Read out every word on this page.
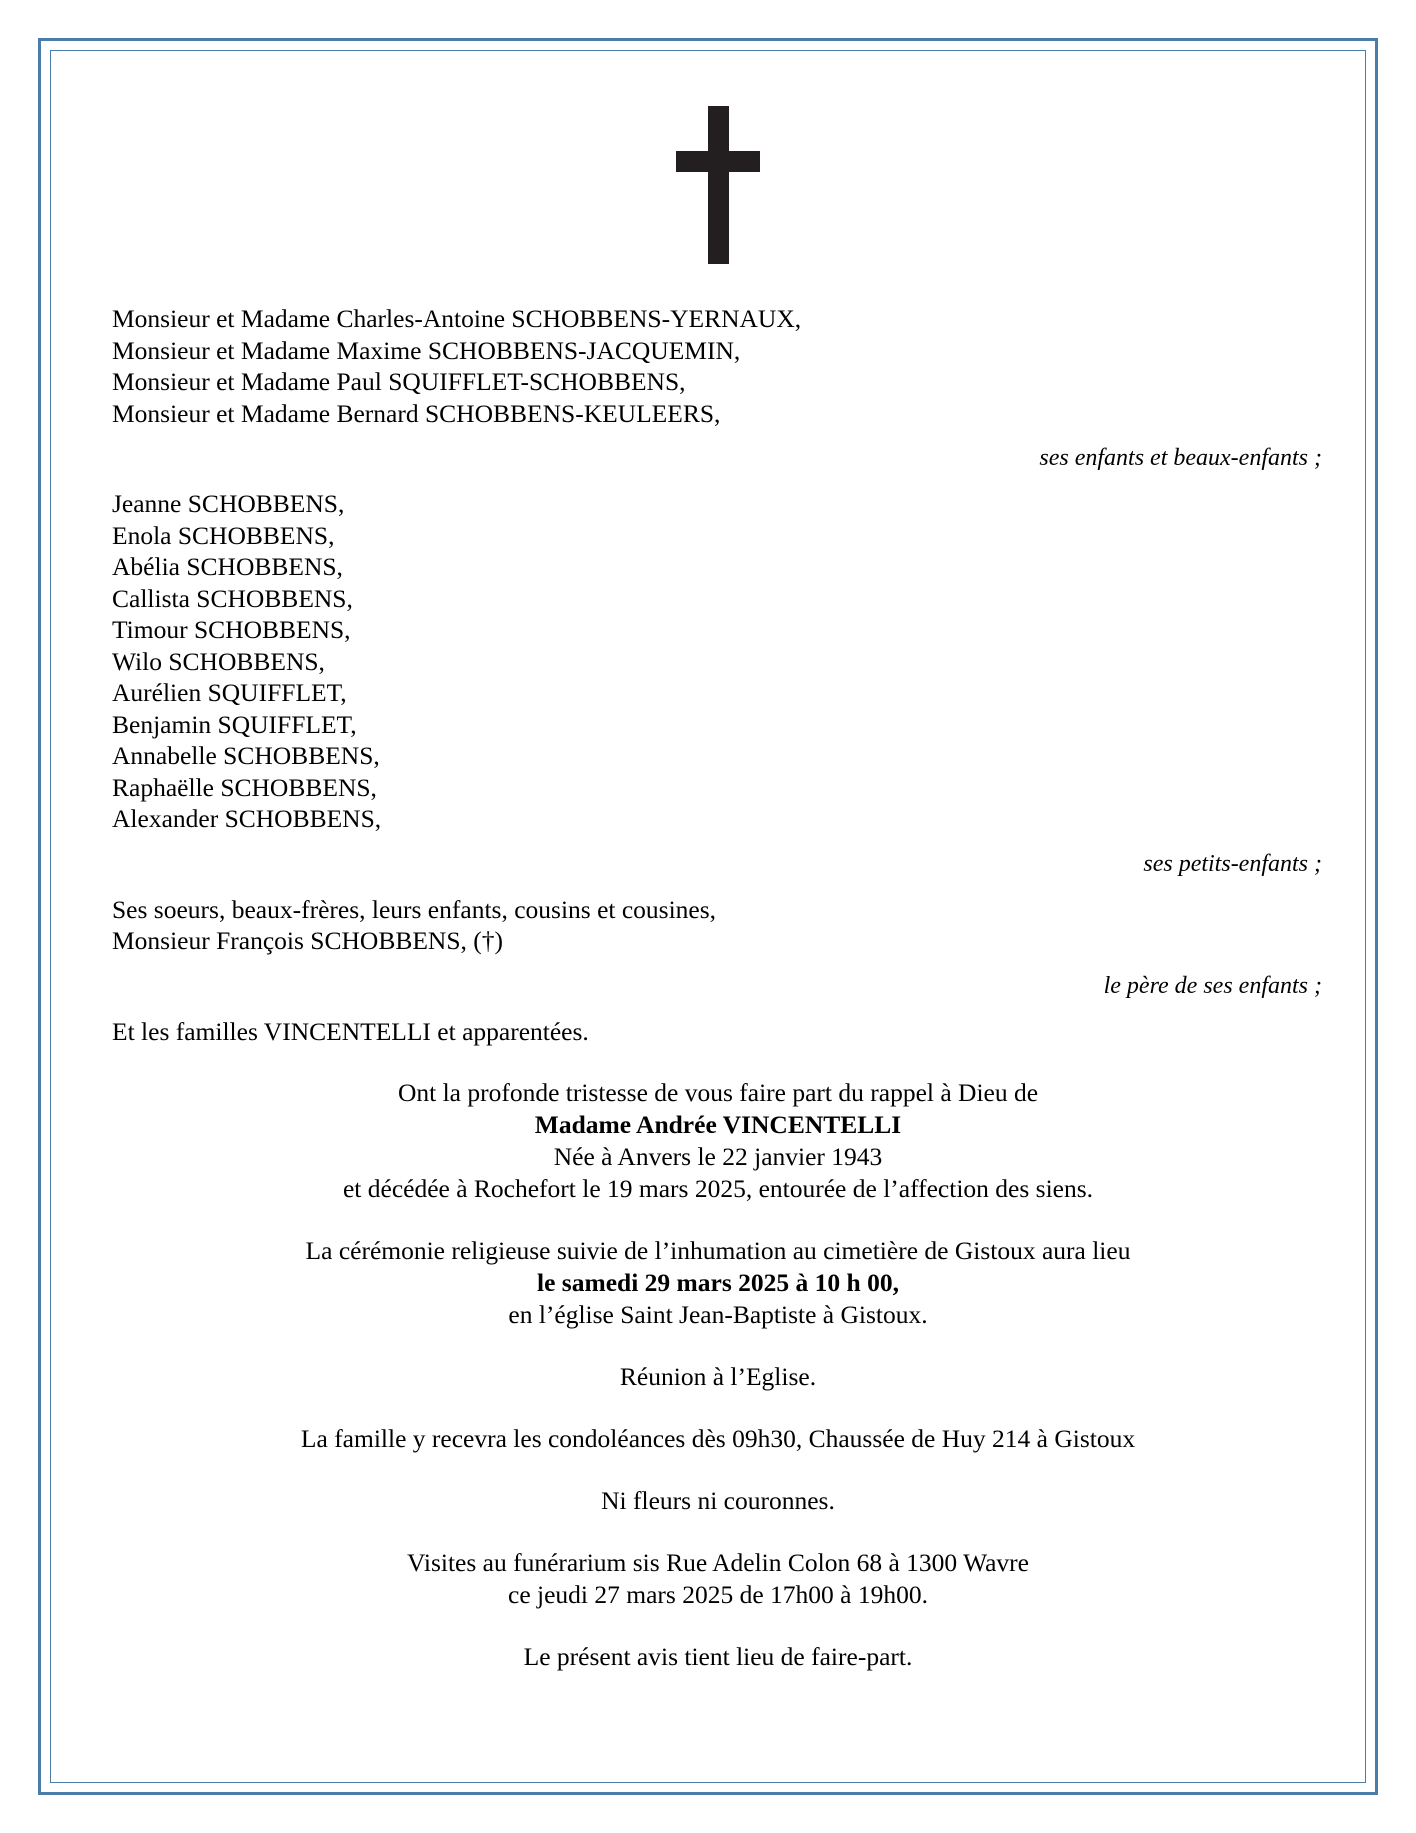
Monsieur et Madame Charles-Antoine SCHOBBENS-YERNAUX,
Monsieur et Madame Maxime SCHOBBENS-JACQUEMIN,
Monsieur et Madame Paul SQUIFFLET-SCHOBBENS,
Monsieur et Madame Bernard SCHOBBENS-KEULEERS,
ses enfants et beaux-enfants ;
Jeanne SCHOBBENS,
Enola SCHOBBENS,
Abélia SCHOBBENS,
Callista SCHOBBENS,
Timour SCHOBBENS,
Wilo SCHOBBENS,
Aurélien SQUIFFLET,
Benjamin SQUIFFLET,
Annabelle SCHOBBENS,
Raphaëlle SCHOBBENS,
Alexander SCHOBBENS,
ses petits-enfants ;
Ses soeurs, beaux-frères, leurs enfants, cousins et cousines,
Monsieur François SCHOBBENS, (†)
le père de ses enfants ;
Et les familles VINCENTELLI et apparentées.
Ont la profonde tristesse de vous faire part du rappel à Dieu de
Madame Andrée VINCENTELLI
Née à Anvers le 22 janvier 1943
et décédée à Rochefort le 19 mars 2025, entourée de l’affection des siens.
La cérémonie religieuse suivie de l’inhumation au cimetière de Gistoux aura lieu
le samedi 29 mars 2025 à 10 h 00,
en l’église Saint Jean-Baptiste à Gistoux.
Réunion à l’Eglise.
La famille y recevra les condoléances dès 09h30, Chaussée de Huy 214 à Gistoux
Ni fleurs ni couronnes.
Visites au funérarium sis Rue Adelin Colon 68 à 1300 Wavre
ce jeudi 27 mars 2025 de 17h00 à 19h00.
Le présent avis tient lieu de faire-part.
